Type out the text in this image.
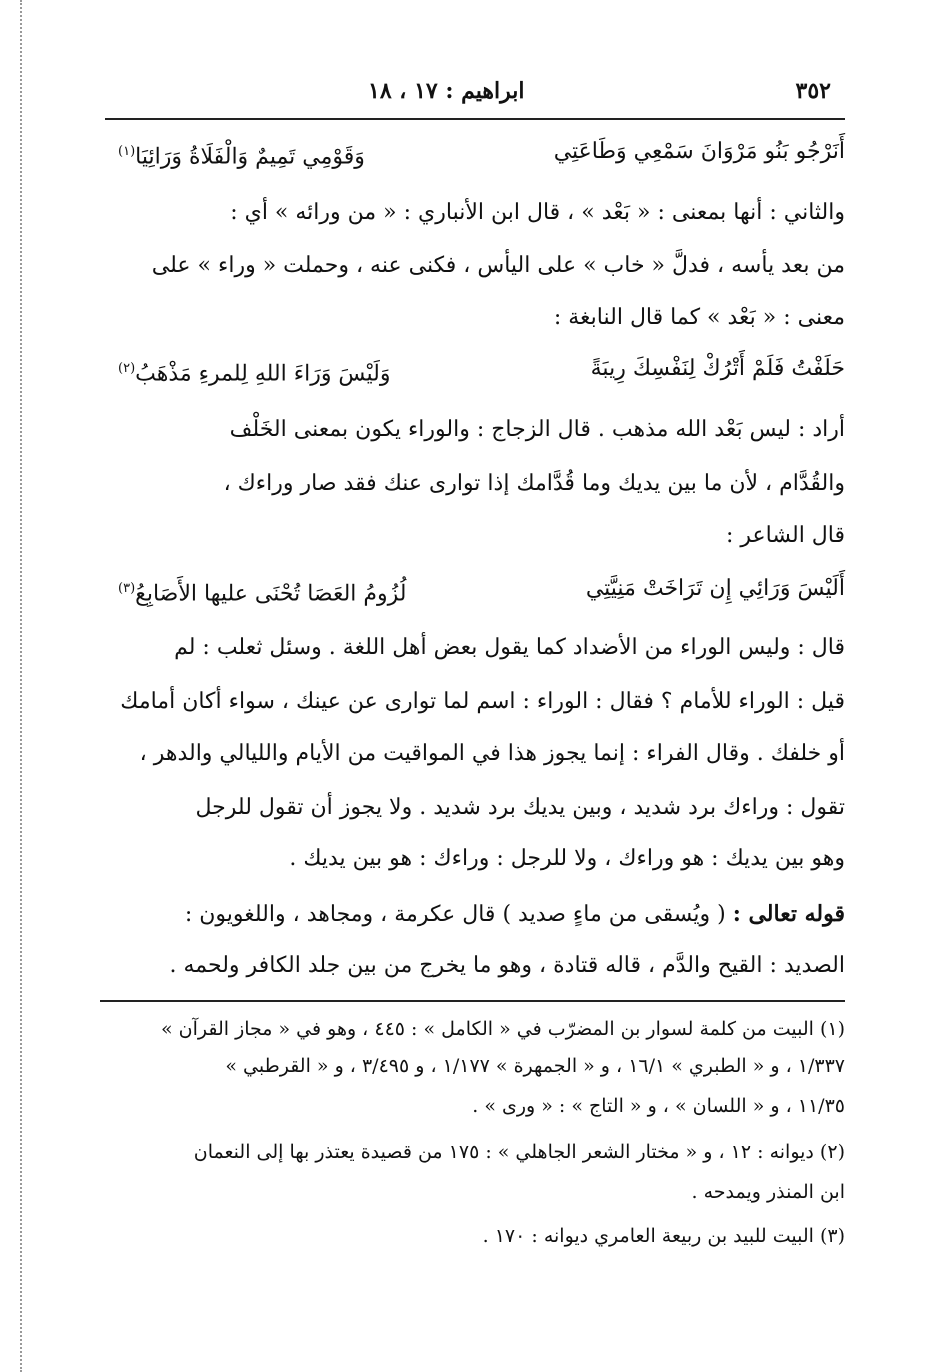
٣٥٢
ابراهيم : ١٧ ، ١٨
أَنَرْجُو بَنُو مَرْوَانَ سَمْعِي وَطَاعَتِي
وَقَوْمِي تَمِيمٌ وَالْفَلَاةُ وَرَائِيَا$^{(١)}$
والثاني : أنها بمعنى : « بَعْد » ، قال ابن الأنباري : « من ورائه » أي :
من بعد يأسه ، فدلَّ « خاب » على اليأس ، فكنى عنه ، وحملت « وراء » على
معنى : « بَعْد » كما قال النابغة :
حَلَفْتُ فَلَمْ أَتْرُكْ لِنَفْسِكَ رِيبَةً
وَلَيْسَ وَرَاءَ اللهِ لِلمرءِ مَذْهَبُ$^{(٢)}$
أراد : ليس بَعْد الله مذهب . قال الزجاج : والوراء يكون بمعنى الخَلْف
والقُدَّام ، لأن ما بين يديك وما قُدَّامك إذا توارى عنك فقد صار وراءك ،
قال الشاعر :
أَلَيْسَ وَرَائِي إِن تَرَاخَتْ مَنِيَّتِي
لُزُومُ العَصَا تُحْنَى عليها الأَصَابِعُ$^{(٣)}$
قال : وليس الوراء من الأضداد كما يقول بعض أهل اللغة . وسئل ثعلب : لم
قيل : الوراء للأمام ؟ فقال : الوراء : اسم لما توارى عن عينك ، سواء أكان أمامك
أو خلفك . وقال الفراء : إنما يجوز هذا في المواقيت من الأيام والليالي والدهر ،
تقول : وراءك برد شديد ، وبين يديك برد شديد . ولا يجوز أن تقول للرجل
وهو بين يديك : هو وراءك ، ولا للرجل : وراءك : هو بين يديك .
قوله تعالى : ( ويُسقى من ماءٍ صديد ) قال عكرمة ، ومجاهد ، واللغويون :
الصديد : القيح والدَّم ، قاله قتادة ، وهو ما يخرج من بين جلد الكافر ولحمه .
(١) البيت من كلمة لسوار بن المضرّب في « الكامل » : ٤٤٥ ، وهو في « مجاز القرآن »
١/٣٣٧ ، و « الطبري » ١٦/١ ، و « الجمهرة » ١/١٧٧ ، و ٣/٤٩٥ ، و « القرطبي »
١١/٣٥ ، و « اللسان » ، و « التاج » : « ورى » .
(٢) ديوانه : ١٢ ، و « مختار الشعر الجاهلي » : ١٧٥ من قصيدة يعتذر بها إلى النعمان
ابن المنذر ويمدحه .
(٣) البيت للبيد بن ربيعة العامري ديوانه : ١٧٠ .
